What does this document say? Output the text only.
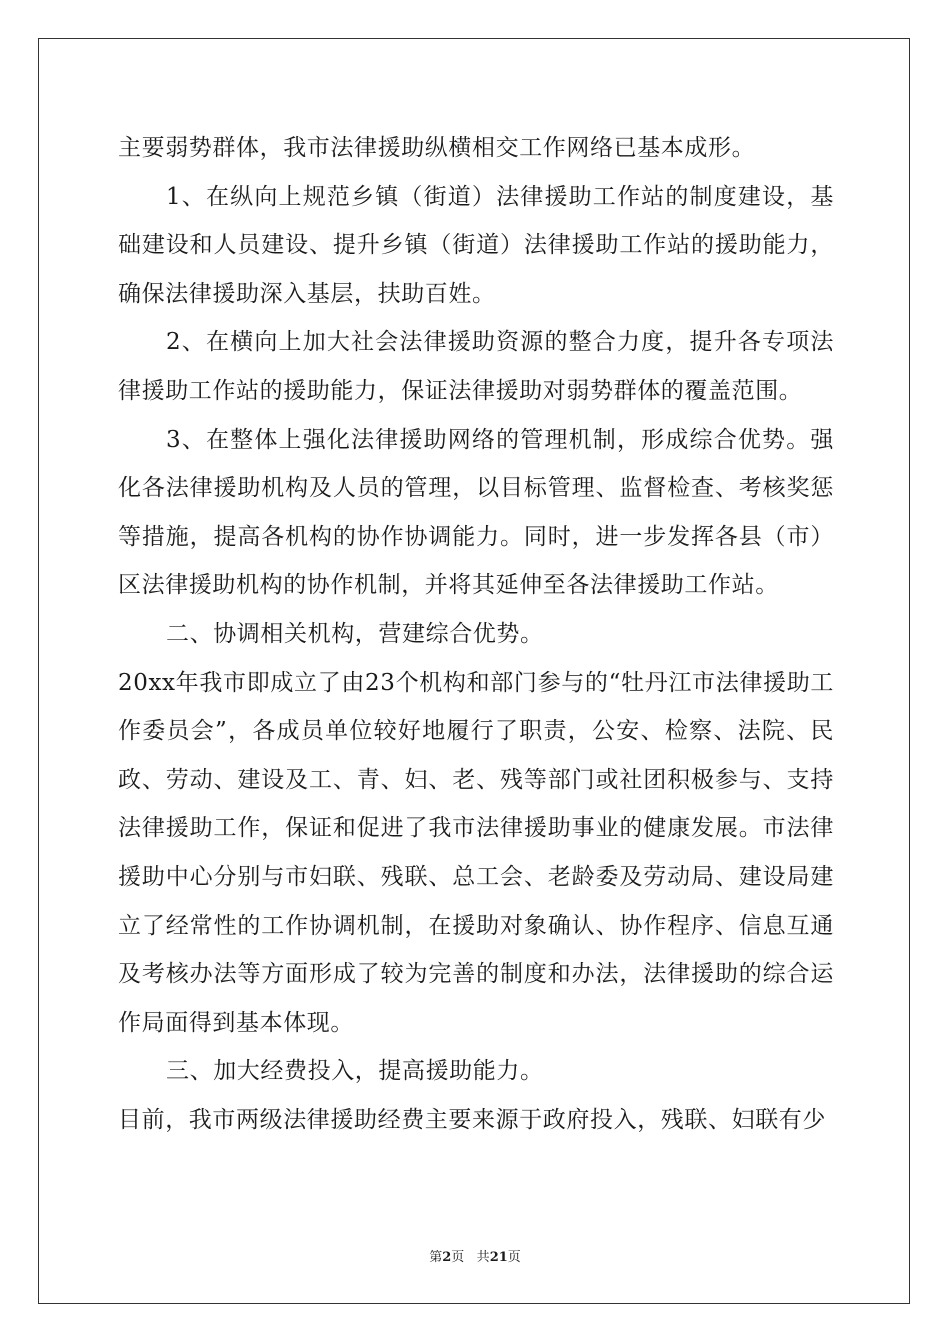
主要弱势群体，我市法律援助纵横相交工作网络已基本成形。

1、在纵向上规范乡镇（街道）法律援助工作站的制度建设，基础建设和人员建设、提升乡镇（街道）法律援助工作站的援助能力，确保法律援助深入基层，扶助百姓。

2、在横向上加大社会法律援助资源的整合力度，提升各专项法律援助工作站的援助能力，保证法律援助对弱势群体的覆盖范围。

3、在整体上强化法律援助网络的管理机制，形成综合优势。强化各法律援助机构及人员的管理，以目标管理、监督检查、考核奖惩等措施，提高各机构的协作协调能力。同时，进一步发挥各县（市）区法律援助机构的协作机制，并将其延伸至各法律援助工作站。

二、协调相关机构，营建综合优势。

20xx年我市即成立了由23个机构和部门参与的“牡丹江市法律援助工作委员会”，各成员单位较好地履行了职责，公安、检察、法院、民政、劳动、建设及工、青、妇、老、残等部门或社团积极参与、支持法律援助工作，保证和促进了我市法律援助事业的健康发展。市法律援助中心分别与市妇联、残联、总工会、老龄委及劳动局、建设局建立了经常性的工作协调机制，在援助对象确认、协作程序、信息互通及考核办法等方面形成了较为完善的制度和办法，法律援助的综合运作局面得到基本体现。

三、加大经费投入，提高援助能力。

目前，我市两级法律援助经费主要来源于政府投入，残联、妇联有少

第2页 共21页
